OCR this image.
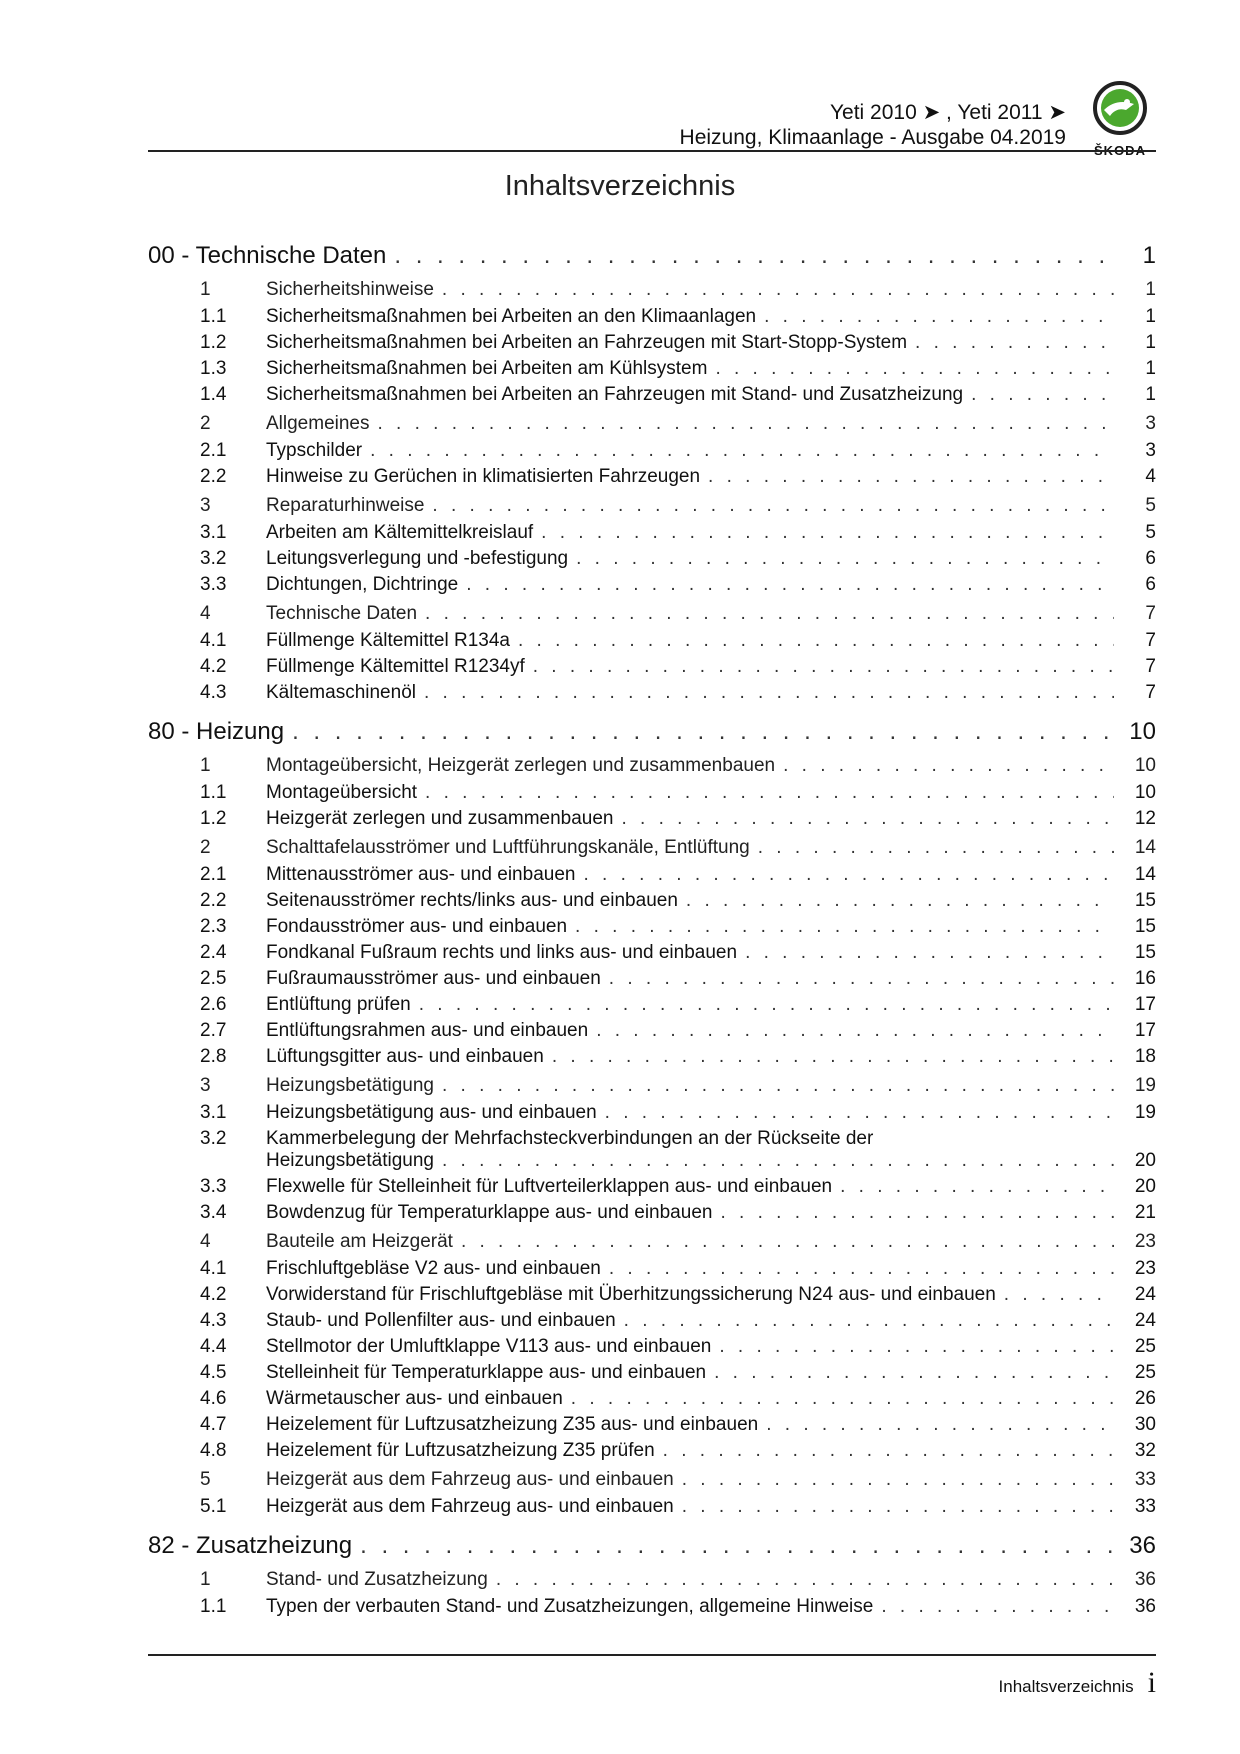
Yeti 2010 ➤ , Yeti 2011 ➤
Heizung, Klimaanlage - Ausgabe 04.2019
ŠKODA
Inhaltsverzeichnis
00 - Technische Daten . . .	1
1	Sicherheitshinweise . . .	1
1.1	Sicherheitsmaßnahmen bei Arbeiten an den Klimaanlagen . . .	1
1.2	Sicherheitsmaßnahmen bei Arbeiten an Fahrzeugen mit Start-Stopp-System . . .	1
1.3	Sicherheitsmaßnahmen bei Arbeiten am Kühlsystem . . .	1
1.4	Sicherheitsmaßnahmen bei Arbeiten an Fahrzeugen mit Stand- und Zusatzheizung . . .	1
2	Allgemeines . . .	3
2.1	Typschilder . . .	3
2.2	Hinweise zu Gerüchen in klimatisierten Fahrzeugen . . .	4
3	Reparaturhinweise . . .	5
3.1	Arbeiten am Kältemittelkreislauf . . .	5
3.2	Leitungsverlegung und -befestigung . . .	6
3.3	Dichtungen, Dichtringe . . .	6
4	Technische Daten . . .	7
4.1	Füllmenge Kältemittel R134a . . .	7
4.2	Füllmenge Kältemittel R1234yf . . .	7
4.3	Kältemaschinenöl . . .	7
80 - Heizung . . .	10
1	Montageübersicht, Heizgerät zerlegen und zusammenbauen . . .	10
1.1	Montageübersicht . . .	10
1.2	Heizgerät zerlegen und zusammenbauen . . .	12
2	Schalttafelausströmer und Luftführungskanäle, Entlüftung . . .	14
2.1	Mittenausströmer aus- und einbauen . . .	14
2.2	Seitenausströmer rechts/links aus- und einbauen . . .	15
2.3	Fondausströmer aus- und einbauen . . .	15
2.4	Fondkanal Fußraum rechts und links aus- und einbauen . . .	15
2.5	Fußraumausströmer aus- und einbauen . . .	16
2.6	Entlüftung prüfen . . .	17
2.7	Entlüftungsrahmen aus- und einbauen . . .	17
2.8	Lüftungsgitter aus- und einbauen . . .	18
3	Heizungsbetätigung . . .	19
3.1	Heizungsbetätigung aus- und einbauen . . .	19
3.2	Kammerbelegung der Mehrfachsteckverbindungen an der Rückseite der
Heizungsbetätigung . . .	20
3.3	Flexwelle für Stelleinheit für Luftverteilerklappen aus- und einbauen . . .	20
3.4	Bowdenzug für Temperaturklappe aus- und einbauen . . .	21
4	Bauteile am Heizgerät . . .	23
4.1	Frischluftgebläse V2 aus- und einbauen . . .	23
4.2	Vorwiderstand für Frischluftgebläse mit Überhitzungssicherung N24 aus- und einbauen . . .	24
4.3	Staub- und Pollenfilter aus- und einbauen . . .	24
4.4	Stellmotor der Umluftklappe V113 aus- und einbauen . . .	25
4.5	Stelleinheit für Temperaturklappe aus- und einbauen . . .	25
4.6	Wärmetauscher aus- und einbauen . . .	26
4.7	Heizelement für Luftzusatzheizung Z35 aus- und einbauen . . .	30
4.8	Heizelement für Luftzusatzheizung Z35 prüfen . . .	32
5	Heizgerät aus dem Fahrzeug aus- und einbauen . . .	33
5.1	Heizgerät aus dem Fahrzeug aus- und einbauen . . .	33
82 - Zusatzheizung . . .	36
1	Stand- und Zusatzheizung . . .	36
1.1	Typen der verbauten Stand- und Zusatzheizungen, allgemeine Hinweise . . .	36
Inhaltsverzeichnis i
